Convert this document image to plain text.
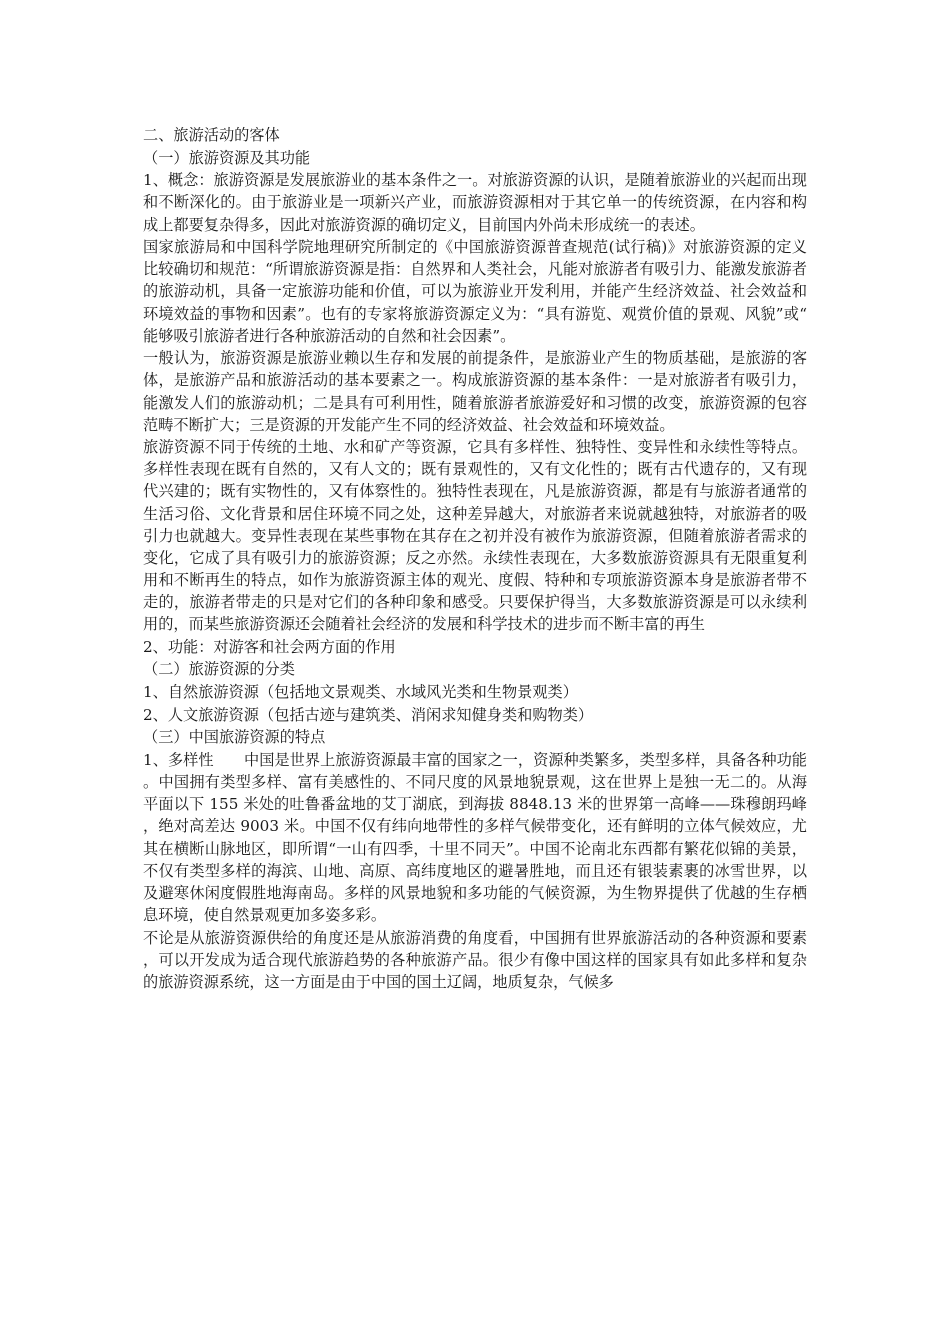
二、旅游活动的客体

（一）旅游资源及其功能

1、概念：旅游资源是发展旅游业的基本条件之一。对旅游资源的认识，是随着旅游业的兴起而出现和不断深化的。由于旅游业是一项新兴产业，而旅游资源相对于其它单一的传统资源，在内容和构成上都要复杂得多，因此对旅游资源的确切定义，目前国内外尚未形成统一的表述。

国家旅游局和中国科学院地理研究所制定的《中国旅游资源普查规范(试行稿)》对旅游资源的定义比较确切和规范：“所谓旅游资源是指：自然界和人类社会，凡能对旅游者有吸引力、能激发旅游者的旅游动机，具备一定旅游功能和价值，可以为旅游业开发利用，并能产生经济效益、社会效益和环境效益的事物和因素”。也有的专家将旅游资源定义为：“具有游览、观赏价值的景观、风貌”或“能够吸引旅游者进行各种旅游活动的自然和社会因素”。

一般认为，旅游资源是旅游业赖以生存和发展的前提条件，是旅游业产生的物质基础，是旅游的客体，是旅游产品和旅游活动的基本要素之一。构成旅游资源的基本条件：一是对旅游者有吸引力，能激发人们的旅游动机；二是具有可利用性，随着旅游者旅游爱好和习惯的改变，旅游资源的包容范畴不断扩大；三是资源的开发能产生不同的经济效益、社会效益和环境效益。

旅游资源不同于传统的土地、水和矿产等资源，它具有多样性、独特性、变异性和永续性等特点。多样性表现在既有自然的，又有人文的；既有景观性的，又有文化性的；既有古代遗存的，又有现代兴建的；既有实物性的，又有体察性的。独特性表现在，凡是旅游资源，都是有与旅游者通常的生活习俗、文化背景和居住环境不同之处，这种差异越大，对旅游者来说就越独特，对旅游者的吸引力也就越大。变异性表现在某些事物在其存在之初并没有被作为旅游资源，但随着旅游者需求的变化，它成了具有吸引力的旅游资源；反之亦然。永续性表现在，大多数旅游资源具有无限重复利用和不断再生的特点，如作为旅游资源主体的观光、度假、特种和专项旅游资源本身是旅游者带不走的，旅游者带走的只是对它们的各种印象和感受。只要保护得当，大多数旅游资源是可以永续利用的，而某些旅游资源还会随着社会经济的发展和科学技术的进步而不断丰富的再生

2、功能：对游客和社会两方面的作用

（二）旅游资源的分类

1、自然旅游资源（包括地文景观类、水域风光类和生物景观类）

2、人文旅游资源（包括古迹与建筑类、消闲求知健身类和购物类）

（三）中国旅游资源的特点

1、多样性　　中国是世界上旅游资源最丰富的国家之一，资源种类繁多，类型多样，具备各种功能。中国拥有类型多样、富有美感性的、不同尺度的风景地貌景观，这在世界上是独一无二的。从海平面以下 155 米处的吐鲁番盆地的艾丁湖底，到海拔 8848.13 米的世界第一高峰——珠穆朗玛峰，绝对高差达 9003 米。中国不仅有纬向地带性的多样气候带变化，还有鲜明的立体气候效应，尤其在横断山脉地区，即所谓“一山有四季，十里不同天”。中国不论南北东西都有繁花似锦的美景，不仅有类型多样的海滨、山地、高原、高纬度地区的避暑胜地，而且还有银装素裹的冰雪世界，以及避寒休闲度假胜地海南岛。多样的风景地貌和多功能的气候资源，为生物界提供了优越的生存栖息环境，使自然景观更加多姿多彩。

不论是从旅游资源供给的角度还是从旅游消费的角度看，中国拥有世界旅游活动的各种资源和要素，可以开发成为适合现代旅游趋势的各种旅游产品。很少有像中国这样的国家具有如此多样和复杂的旅游资源系统，这一方面是由于中国的国土辽阔，地质复杂，气候多
